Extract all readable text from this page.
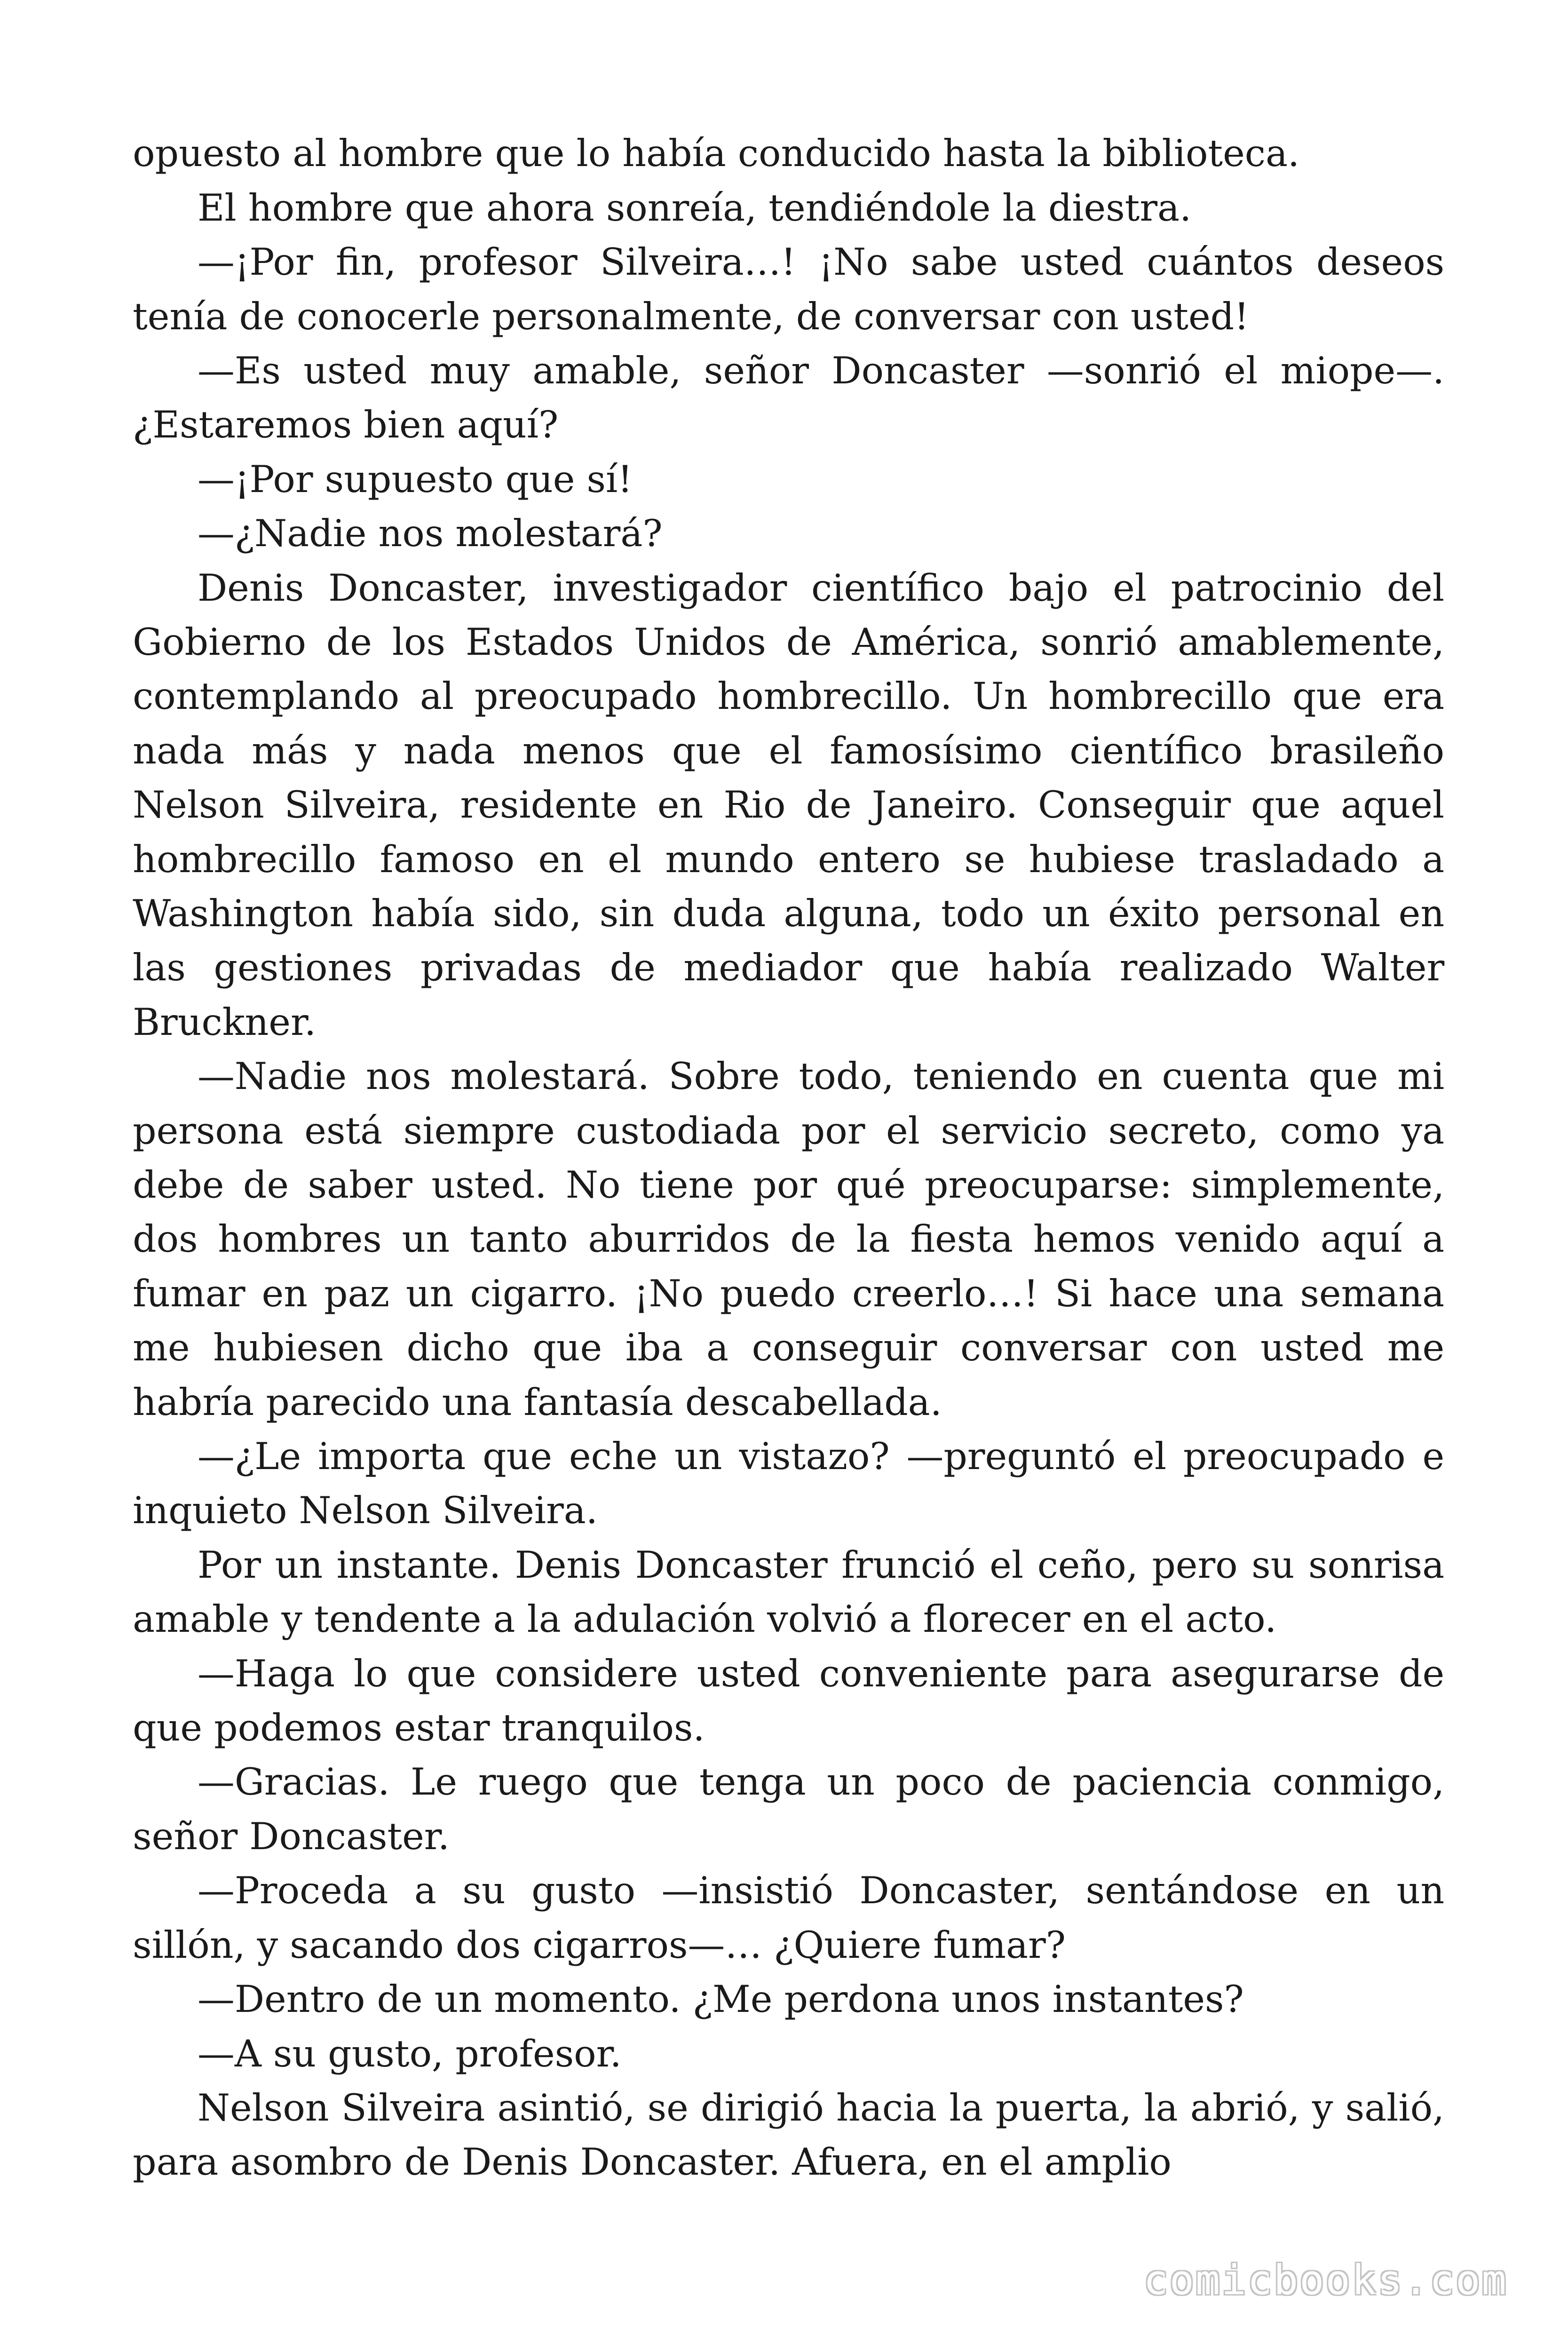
opuesto al hombre que lo había conducido hasta la biblioteca.

El hombre que ahora sonreía, tendiéndole la diestra.

—¡Por fin, profesor Silveira…! ¡No sabe usted cuántos deseos tenía de conocerle personalmente, de conversar con usted!

—Es usted muy amable, señor Doncaster —sonrió el miope—. ¿Estaremos bien aquí?

—¡Por supuesto que sí!

—¿Nadie nos molestará?

Denis Doncaster, investigador científico bajo el patrocinio del Gobierno de los Estados Unidos de América, sonrió amablemente, contemplando al preocupado hombrecillo. Un hombrecillo que era nada más y nada menos que el famosísimo científico brasileño Nelson Silveira, residente en Rio de Janeiro. Conseguir que aquel hombrecillo famoso en el mundo entero se hubiese trasladado a Washington había sido, sin duda alguna, todo un éxito personal en las gestiones privadas de mediador que había realizado Walter Bruckner.

—Nadie nos molestará. Sobre todo, teniendo en cuenta que mi persona está siempre custodiada por el servicio secreto, como ya debe de saber usted. No tiene por qué preocuparse: simplemente, dos hombres un tanto aburridos de la fiesta hemos venido aquí a fumar en paz un cigarro. ¡No puedo creerlo…! Si hace una semana me hubiesen dicho que iba a conseguir conversar con usted me habría parecido una fantasía descabellada.

—¿Le importa que eche un vistazo? —preguntó el preocupado e inquieto Nelson Silveira.

Por un instante. Denis Doncaster frunció el ceño, pero su sonrisa amable y tendente a la adulación volvió a florecer en el acto.

—Haga lo que considere usted conveniente para asegurarse de que podemos estar tranquilos.

—Gracias. Le ruego que tenga un poco de paciencia conmigo, señor Doncaster.

—Proceda a su gusto —insistió Doncaster, sentándose en un sillón, y sacando dos cigarros—… ¿Quiere fumar?

—Dentro de un momento. ¿Me perdona unos instantes?

—A su gusto, profesor.

Nelson Silveira asintió, se dirigió hacia la puerta, la abrió, y salió, para asombro de Denis Doncaster. Afuera, en el amplio

comicbooks.com
